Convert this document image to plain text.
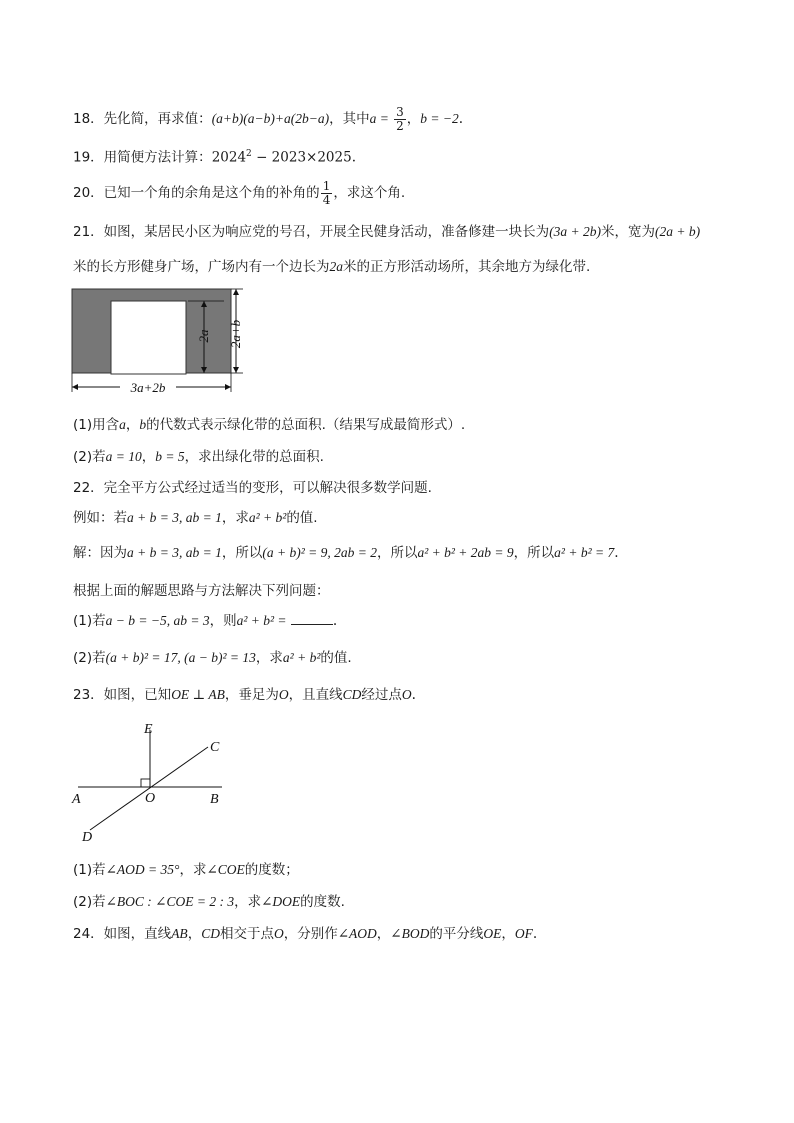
18．先化简，再求值：(a+b)(a−b)+a(2b−a)，其中$a = \frac{3}{2}$ ，b = −2.
19．用简便方法计算：$2024^2 - 2023\times 2025$.
20．已知一个角的余角是这个角的补角的 $\frac{1}{4}$ ，求这个角.
21．如图，某居民小区为响应党的号召，开展全民健身活动，准备修建一块长为(3a + 2b)米，宽为(2a + b)
米的长方形健身广场，广场内有一个边长为2a米的正方形活动场所，其余地方为绿化带.
2a 2a+b
3a+2b
(1)用含a，b的代数式表示绿化带的总面积.（结果写成最简形式）.
(2)若a = 10，b = 5，求出绿化带的总面积.
22．完全平方公式经过适当的变形，可以解决很多数学问题.
例如：若a + b = 3, ab = 1，求a² + b²的值.
解：因为a + b = 3, ab = 1，所以(a + b)² = 9, 2ab = 2，所以a² + b² + 2ab = 9，所以a² + b² = 7.
根据上面的解题思路与方法解决下列问题：
(1)若a − b = −5, ab = 3，则a² + b² =	.
(2)若(a + b)² = 17, (a − b)² = 13，求a² + b²的值.
23．如图，已知OE ⊥ AB，垂足为O，且直线CD经过点O.
E
C
A	O	B
D
(1)若∠AOD = 35°，求∠COE的度数；
(2)若∠BOC : ∠COE = 2 : 3，求∠DOE的度数.
24．如图，直线AB，CD相交于点O，分别作∠AOD，∠BOD的平分线OE，OF.
